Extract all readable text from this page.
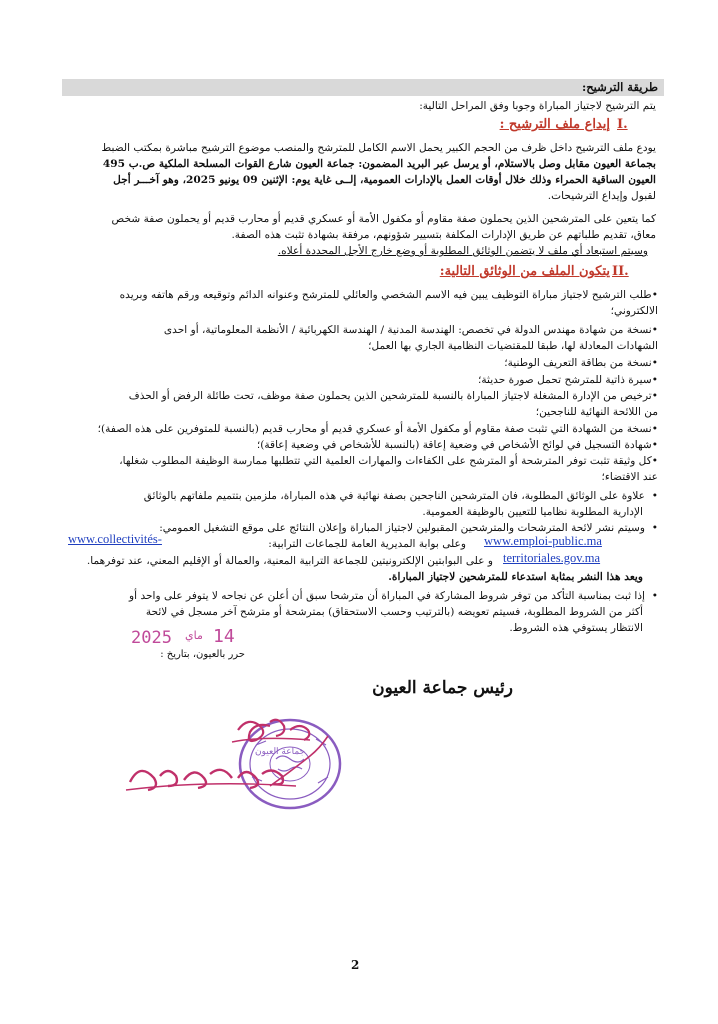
طريقة الترشيح:
يتم الترشيح لاجتياز المباراة وجوبا وفق المراحل التالية:
إيداع ملف الترشيح : I.
يودع ملف الترشيح داخل ظرف من الحجم الكبير يحمل الاسم الكامل للمترشح والمنصب موضوع الترشيح مباشرة بمكتب الضبط
بجماعة العيون مقابل وصل بالاستلام، أو يرسل عبر البريد المضمون: جماعة العيون شارع القوات المسلحة الملكية ص.ب 495
العيون الساقية الحمراء وذلك خلال أوقات العمل بالإدارات العمومية، إلــى غاية يوم: الإثنين 09 يونيو 2025، وهو آخـــر أجل
لقبول وإيداع الترشيحات.
كما يتعين على المترشحين الذين يحملون صفة مقاوم أو مكفول الأمة أو عسكري قديم أو محارب قديم أو يحملون صفة شخص
معاق، تقديم طلباتهم عن طريق الإدارات المكلفة بتسيير شؤونهم، مرفقة بشهادة تثبت هذه الصفة.
وسيتم استبعاد أي ملف لا يتضمن الوثائق المطلوبة أو وضع خارج الأجل المحددة أعلاه.
يتكون الملف من الوثائق التالية: II.
•طلب الترشيح لاجتياز مباراة التوظيف يبين فيه الاسم الشخصي والعائلي للمترشح وعنوانه الدائم وتوقيعه ورقم هاتفه وبريده
الالكتروني؛
•نسخة من شهادة مهندس الدولة في تخصص: الهندسة المدنية / الهندسة الكهربائية / الأنظمة المعلوماتية، أو احدى
الشهادات المعادلة لها، طبقا للمقتضيات النظامية الجاري بها العمل؛
•نسخة من بطاقة التعريف الوطنية؛
•سيرة ذاتية للمترشح تحمل صورة حديثة؛
•ترخيص من الإدارة المشغلة لاجتياز المباراة بالنسبة للمترشحين الذين يحملون صفة موظف، تحت طائلة الرفض أو الحذف
من اللائحة النهائية للناجحين؛
•نسخة من الشهادة التي تثبت صفة مقاوم أو مكفول الأمة أو عسكري قديم أو محارب قديم (بالنسبة للمتوفرين على هذه الصفة)؛
•شهادة التسجيل في لوائح الأشخاص في وضعية إعاقة (بالنسبة للأشخاص في وضعية إعاقة)؛
•كل وثيقة تثبت توفر المترشحة أو المترشح على الكفاءات والمهارات العلمية التي تتطلبها ممارسة الوظيفة المطلوب شغلها،
عند الاقتضاء؛
•  علاوة على الوثائق المطلوبة، فان المترشحين الناجحين بصفة نهائية في هذه المباراة، ملزمين بتتميم ملفاتهم بالوثائق
الإدارية المطلوبة نظاميا للتعيين بالوظيفة العمومية.
•  وسيتم نشر لائحة المترشحات والمترشحين المقبولين لاجتياز المباراة وإعلان النتائج على موقع التشغيل العمومي:
www.emploi-public.ma
وعلى بوابة المديرية العامة للجماعات الترابية:
www.collectivités-
territoriales.gov.ma
و على البوابتين الإلكترونيتين للجماعة الترابية المعنية، والعمالة أو الإقليم المعني، عند توفرهما.
ويعد هذا النشر بمثابة استدعاء للمترشحين لاجتياز المباراة.
•  إذا ثبت بمناسبة التأكد من توفر شروط المشاركة في المباراة أن مترشحا سبق أن أعلن عن نجاحه لا يتوفر على واحد أو
أكثر من الشروط المطلوبة، فسيتم تعويضه (بالترتيب وحسب الاستحقاق) بمترشحة أو مترشح آخر مسجل في لائحة
الانتظار يستوفي هذه الشروط.
2025 ماي 14
حرر بالعيون، بتاريخ :
رئيس جماعة العيون
جماعة العيون
2
